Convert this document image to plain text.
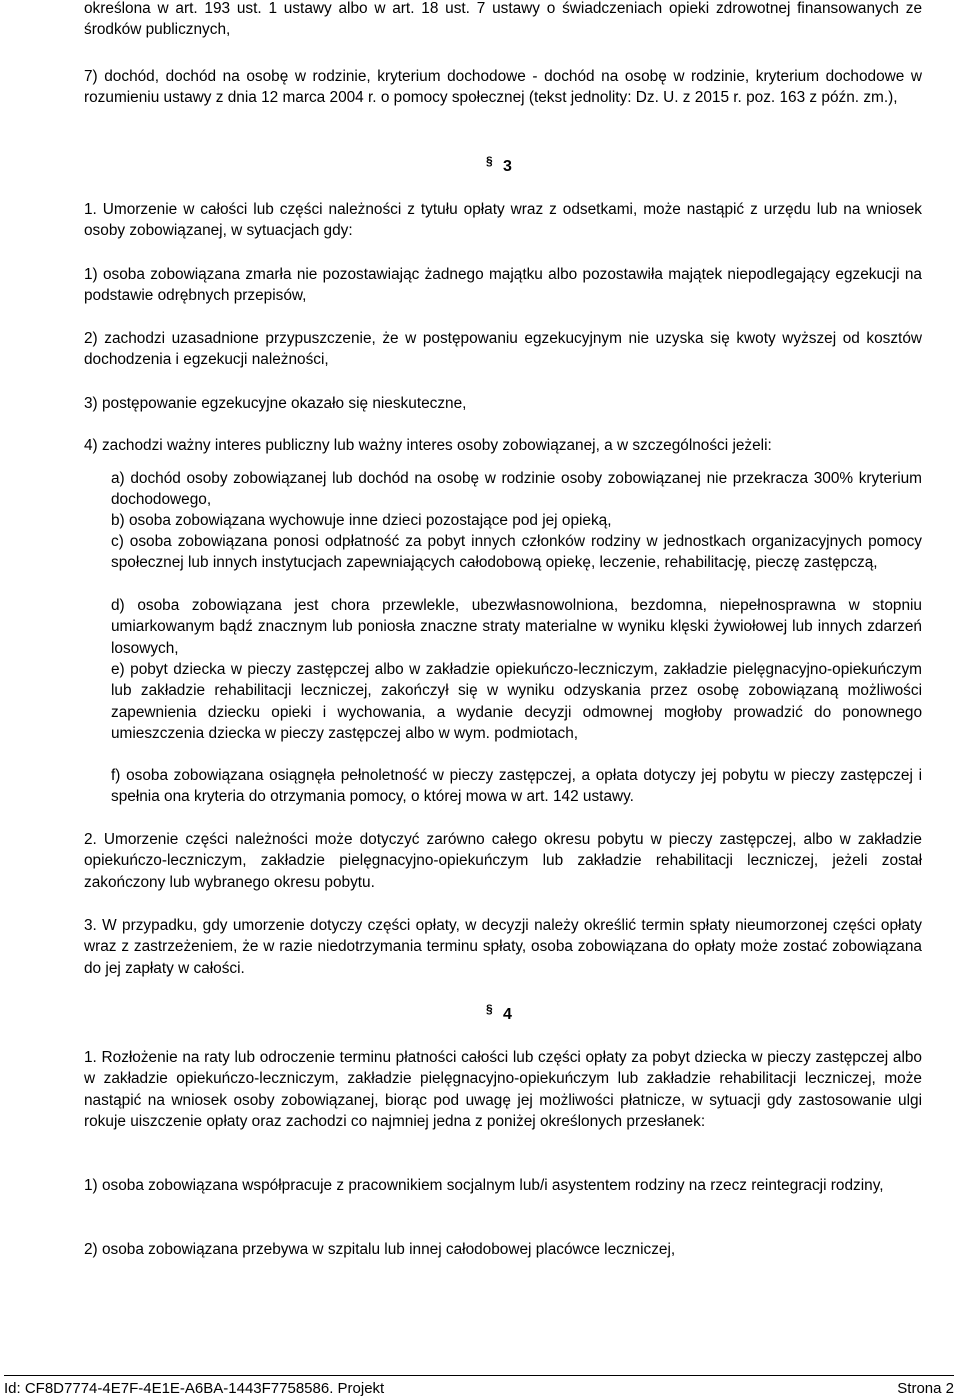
określona w art. 193 ust. 1 ustawy albo w art. 18 ust. 7 ustawy o świadczeniach opieki zdrowotnej finansowanych ze środków publicznych,

7) dochód, dochód na osobę w rodzinie, kryterium dochodowe - dochód na osobę w rodzinie, kryterium dochodowe w rozumieniu ustawy z dnia 12 marca 2004 r. o pomocy społecznej (tekst jednolity: Dz. U. z 2015 r. poz. 163 z późn. zm.),

§ 3

1. Umorzenie w całości lub części należności z tytułu opłaty wraz z odsetkami, może nastąpić z urzędu lub na wniosek osoby zobowiązanej, w sytuacjach gdy:

1) osoba zobowiązana zmarła nie pozostawiając żadnego majątku albo pozostawiła majątek niepodlegający egzekucji na podstawie odrębnych przepisów,

2) zachodzi uzasadnione przypuszczenie, że w postępowaniu egzekucyjnym nie uzyska się kwoty wyższej od kosztów dochodzenia i egzekucji należności,

3) postępowanie egzekucyjne okazało się nieskuteczne,

4) zachodzi ważny interes publiczny lub ważny interes osoby zobowiązanej, a w szczególności jeżeli:

a) dochód osoby zobowiązanej lub dochód na osobę w rodzinie osoby zobowiązanej nie przekracza 300% kryterium dochodowego,

b) osoba zobowiązana wychowuje inne dzieci pozostające pod jej opieką,

c) osoba zobowiązana ponosi odpłatność za pobyt innych członków rodziny w jednostkach organizacyjnych pomocy społecznej lub innych instytucjach zapewniających całodobową opiekę, leczenie, rehabilitację, pieczę zastępczą,

d) osoba zobowiązana jest chora przewlekle, ubezwłasnowolniona, bezdomna, niepełnosprawna w stopniu umiarkowanym bądź znacznym lub poniosła znaczne straty materialne w wyniku klęski żywiołowej lub innych zdarzeń losowych,

e) pobyt dziecka w pieczy zastępczej albo w zakładzie opiekuńczo-leczniczym, zakładzie pielęgnacyjno-opiekuńczym lub zakładzie rehabilitacji leczniczej, zakończył się w wyniku odzyskania przez osobę zobowiązaną możliwości zapewnienia dziecku opieki i wychowania, a wydanie decyzji odmownej mogłoby prowadzić do ponownego umieszczenia dziecka w pieczy zastępczej albo w wym. podmiotach,

f) osoba zobowiązana osiągnęła pełnoletność w pieczy zastępczej, a opłata dotyczy jej pobytu w pieczy zastępczej i spełnia ona kryteria do otrzymania pomocy, o której mowa w art. 142 ustawy.

2. Umorzenie części należności może dotyczyć zarówno całego okresu pobytu w pieczy zastępczej, albo w zakładzie opiekuńczo-leczniczym, zakładzie pielęgnacyjno-opiekuńczym lub zakładzie rehabilitacji leczniczej, jeżeli został zakończony lub wybranego okresu pobytu.

3. W przypadku, gdy umorzenie dotyczy części opłaty, w decyzji należy określić termin spłaty nieumorzonej części opłaty wraz z zastrzeżeniem, że w razie niedotrzymania terminu spłaty, osoba zobowiązana do opłaty może zostać zobowiązana do jej zapłaty w całości.

§ 4

1. Rozłożenie na raty lub odroczenie terminu płatności całości lub części opłaty za pobyt dziecka w pieczy zastępczej albo w zakładzie opiekuńczo-leczniczym, zakładzie pielęgnacyjno-opiekuńczym lub zakładzie rehabilitacji leczniczej, może nastąpić na wniosek osoby zobowiązanej, biorąc pod uwagę jej możliwości płatnicze, w sytuacji gdy zastosowanie ulgi rokuje uiszczenie opłaty oraz zachodzi co najmniej jedna z poniżej określonych przesłanek:

1) osoba zobowiązana współpracuje z pracownikiem socjalnym lub/i asystentem rodziny na rzecz reintegracji rodziny,

2) osoba zobowiązana przebywa w szpitalu lub innej całodobowej placówce leczniczej,

Id: CF8D7774-4E7F-4E1E-A6BA-1443F7758586. Projekt	Strona 2
